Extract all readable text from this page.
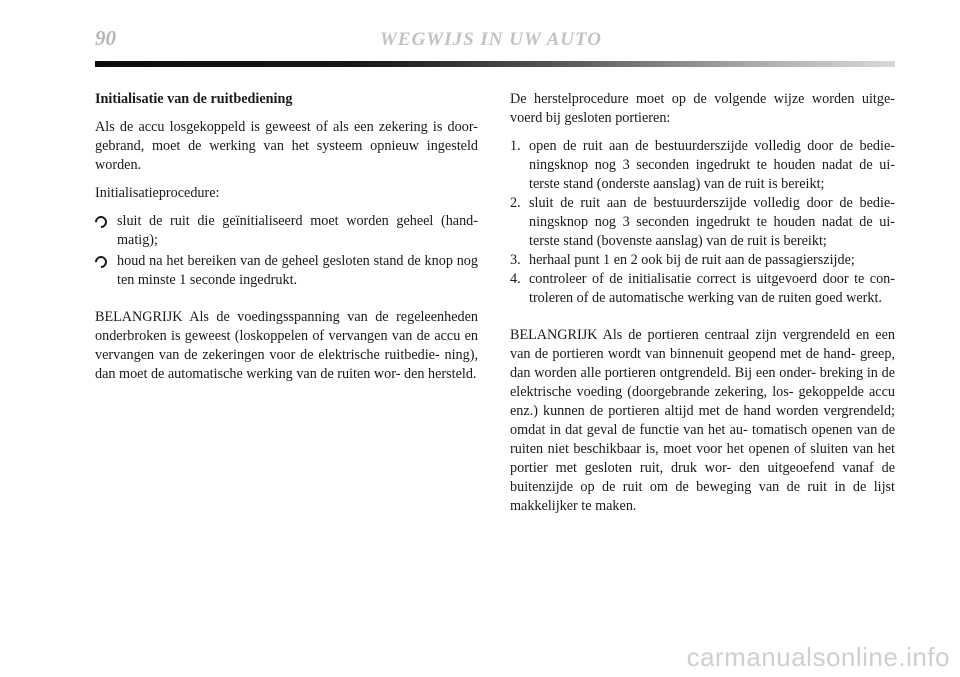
90	WEGWIJS IN UW AUTO

Initialisatie van de ruitbediening

Als de accu losgekoppeld is geweest of als een zekering is door- gebrand, moet de werking van het systeem opnieuw ingesteld worden.

Initialisatieprocedure:

sluit de ruit die geïnitialiseerd moet worden geheel (hand- matig);
houd na het bereiken van de geheel gesloten stand de knop nog ten minste 1 seconde ingedrukt.

BELANGRIJK Als de voedingsspanning van de regeleenheden onderbroken is geweest (loskoppelen of vervangen van de accu en vervangen van de zekeringen voor de elektrische ruitbedie- ning), dan moet de automatische werking van de ruiten wor- den hersteld.

De herstelprocedure moet op de volgende wijze worden uitge- voerd bij gesloten portieren:

1. open de ruit aan de bestuurderszijde volledig door de bedie- ningsknop nog 3 seconden ingedrukt te houden nadat de ui- terste stand (onderste aanslag) van de ruit is bereikt;
2. sluit de ruit aan de bestuurderszijde volledig door de bedie- ningsknop nog 3 seconden ingedrukt te houden nadat de ui- terste stand (bovenste aanslag) van de ruit is bereikt;
3. herhaal punt 1 en 2 ook bij de ruit aan de passagierszijde;
4. controleer of de initialisatie correct is uitgevoerd door te con- troleren of de automatische werking van de ruiten goed werkt.

BELANGRIJK Als de portieren centraal zijn vergrendeld en een van de portieren wordt van binnenuit geopend met de hand- greep, dan worden alle portieren ontgrendeld. Bij een onder- breking in de elektrische voeding (doorgebrande zekering, los- gekoppelde accu enz.) kunnen de portieren altijd met de hand worden vergrendeld; omdat in dat geval de functie van het au- tomatisch openen van de ruiten niet beschikbaar is, moet voor het openen of sluiten van het portier met gesloten ruit, druk wor- den uitgeoefend vanaf de buitenzijde op de ruit om de beweging van de ruit in de lijst makkelijker te maken.

carmanualsonline.info
